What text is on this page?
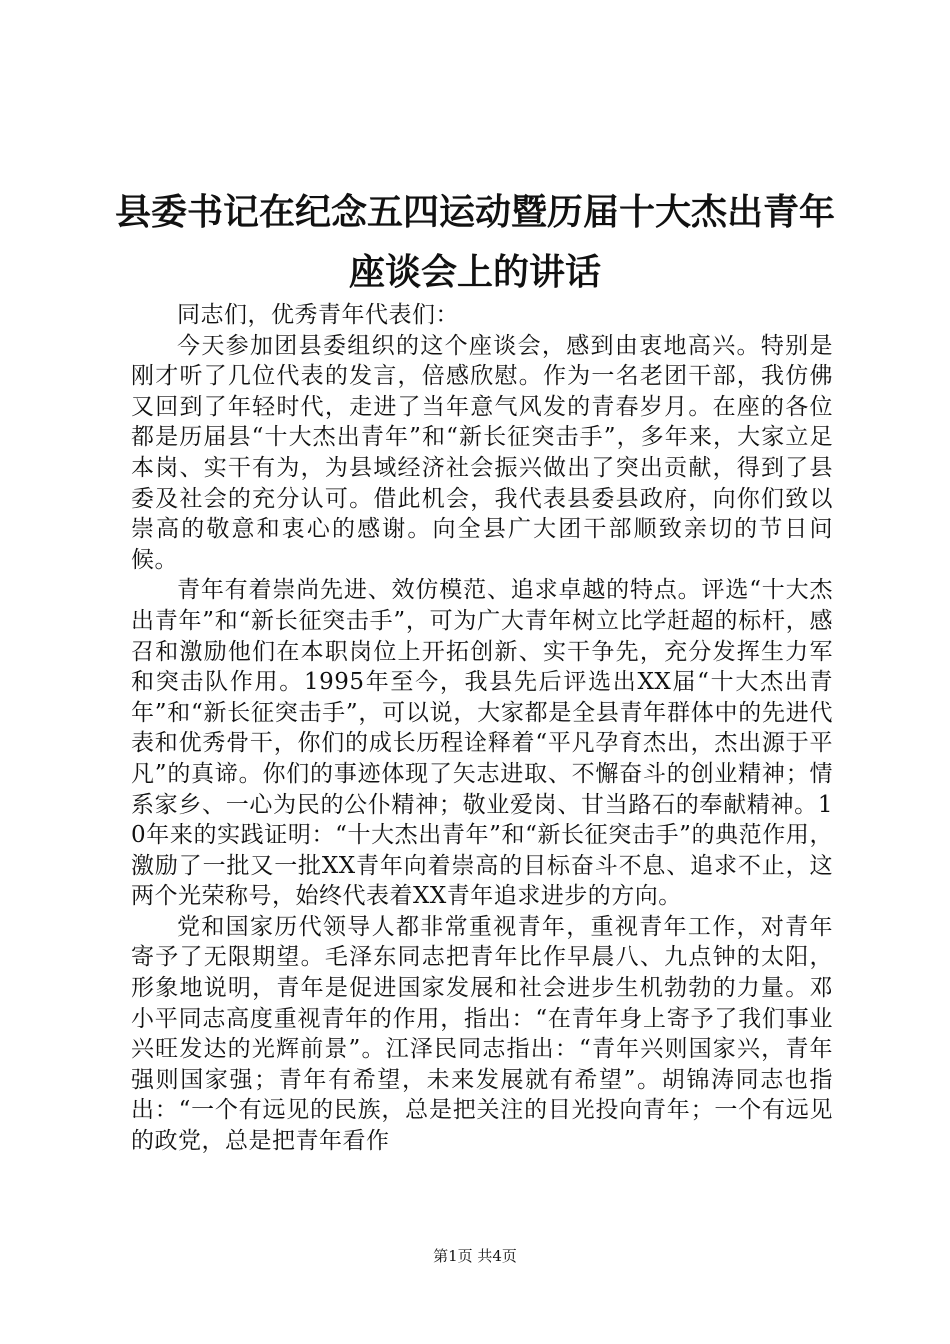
县委书记在纪念五四运动暨历届十大杰出青年
座谈会上的讲话

同志们，优秀青年代表们：

今天参加团县委组织的这个座谈会，感到由衷地高兴。特别是刚才听了几位代表的发言，倍感欣慰。作为一名老团干部，我仿佛又回到了年轻时代，走进了当年意气风发的青春岁月。在座的各位都是历届县“十大杰出青年”和“新长征突击手”，多年来，大家立足本岗、实干有为，为县域经济社会振兴做出了突出贡献，得到了县委及社会的充分认可。借此机会，我代表县委县政府，向你们致以崇高的敬意和衷心的感谢。向全县广大团干部顺致亲切的节日问候。

青年有着崇尚先进、效仿模范、追求卓越的特点。评选“十大杰出青年”和“新长征突击手”，可为广大青年树立比学赶超的标杆，感召和激励他们在本职岗位上开拓创新、实干争先，充分发挥生力军和突击队作用。1995年至今，我县先后评选出XX届“十大杰出青年”和“新长征突击手”，可以说，大家都是全县青年群体中的先进代表和优秀骨干，你们的成长历程诠释着“平凡孕育杰出，杰出源于平凡”的真谛。你们的事迹体现了矢志进取、不懈奋斗的创业精神；情系家乡、一心为民的公仆精神；敬业爱岗、甘当路石的奉献精神。10年来的实践证明：“十大杰出青年”和“新长征突击手”的典范作用，激励了一批又一批XX青年向着崇高的目标奋斗不息、追求不止，这两个光荣称号，始终代表着XX青年追求进步的方向。

党和国家历代领导人都非常重视青年，重视青年工作，对青年寄予了无限期望。毛泽东同志把青年比作早晨八、九点钟的太阳，形象地说明，青年是促进国家发展和社会进步生机勃勃的力量。邓小平同志高度重视青年的作用，指出：“在青年身上寄予了我们事业兴旺发达的光辉前景”。江泽民同志指出：“青年兴则国家兴，青年强则国家强；青年有希望，未来发展就有希望”。胡锦涛同志也指出：“一个有远见的民族，总是把关注的目光投向青年；一个有远见的政党，总是把青年看作

第1页 共4页
